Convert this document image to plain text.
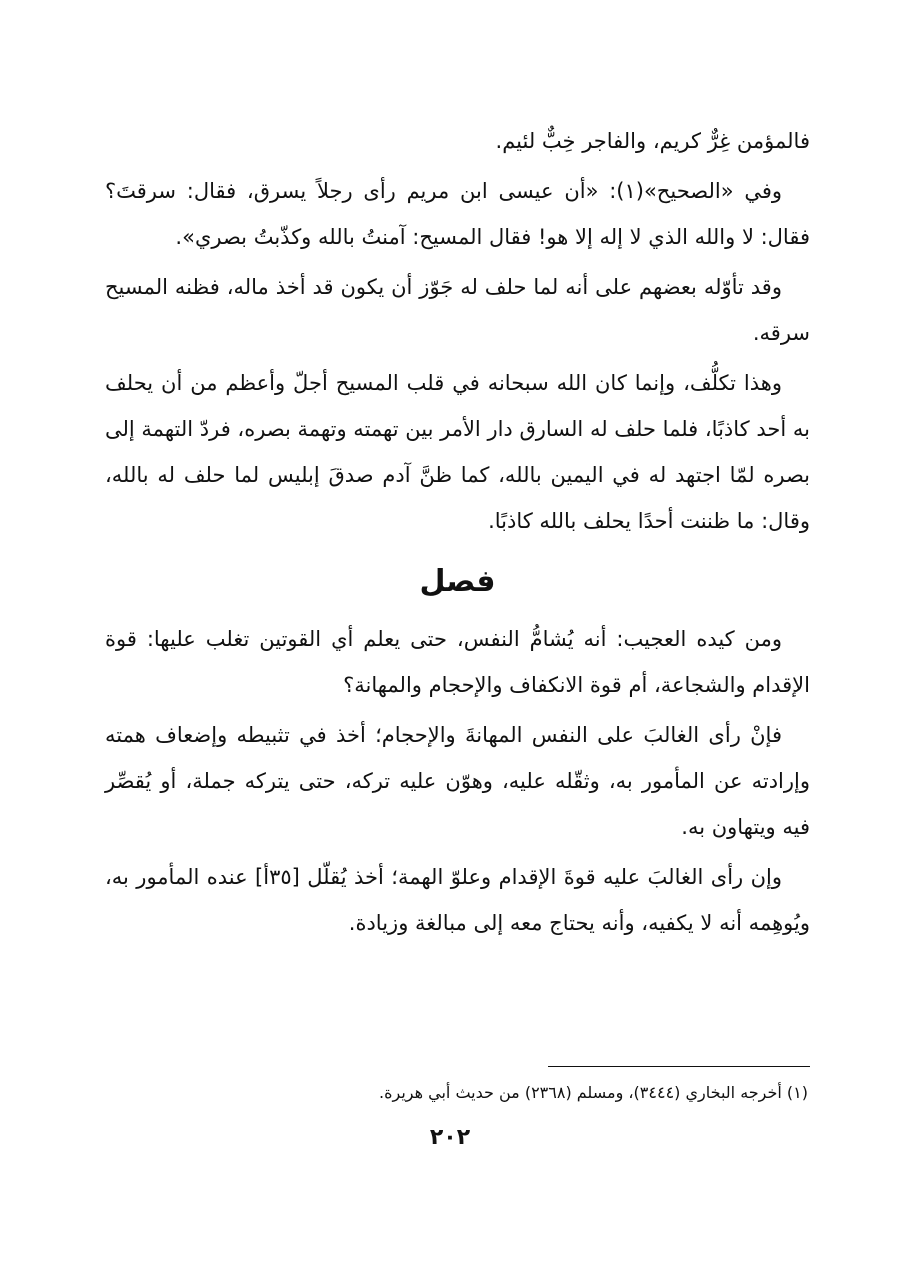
فالمؤمن غِرٌّ كريم، والفاجر خِبٌّ لئيم.

وفي «الصحيح»(١): «أن عيسى ابن مريم رأى رجلاً يسرق، فقال: سرقتَ؟ فقال: لا والله الذي لا إله إلا هو! فقال المسيح: آمنتُ بالله وكذّبتُ بصري».

وقد تأوّله بعضهم على أنه لما حلف له جَوّز أن يكون قد أخذ ماله، فظنه المسيح سرقه.

وهذا تكلُّف، وإنما كان الله سبحانه في قلب المسيح أجلّ وأعظم من أن يحلف به أحد كاذبًا، فلما حلف له السارق دار الأمر بين تهمته وتهمة بصره، فردّ التهمة إلى بصره لمّا اجتهد له في اليمين بالله، كما ظنَّ آدم صدقَ إبليس لما حلف له بالله، وقال: ما ظننت أحدًا يحلف بالله كاذبًا.

فصل

ومن كيده العجيب: أنه يُشامُّ النفس، حتى يعلم أي القوتين تغلب عليها: قوة الإقدام والشجاعة، أم قوة الانكفاف والإحجام والمهانة؟

فإنْ رأى الغالبَ على النفس المهانةَ والإحجام؛ أخذ في تثبيطه وإضعاف همته وإرادته عن المأمور به، وثقّله عليه، وهوّن عليه تركه، حتى يتركه جملة، أو يُقصِّر فيه ويتهاون به.

وإن رأى الغالبَ عليه قوةَ الإقدام وعلوّ الهمة؛ أخذ يُقلّل [٣٥أ] عنده المأمور به، ويُوهِمه أنه لا يكفيه، وأنه يحتاج معه إلى مبالغة وزيادة.

(١) أخرجه البخاري (٣٤٤٤)، ومسلم (٢٣٦٨) من حديث أبي هريرة.
٢٠٢
